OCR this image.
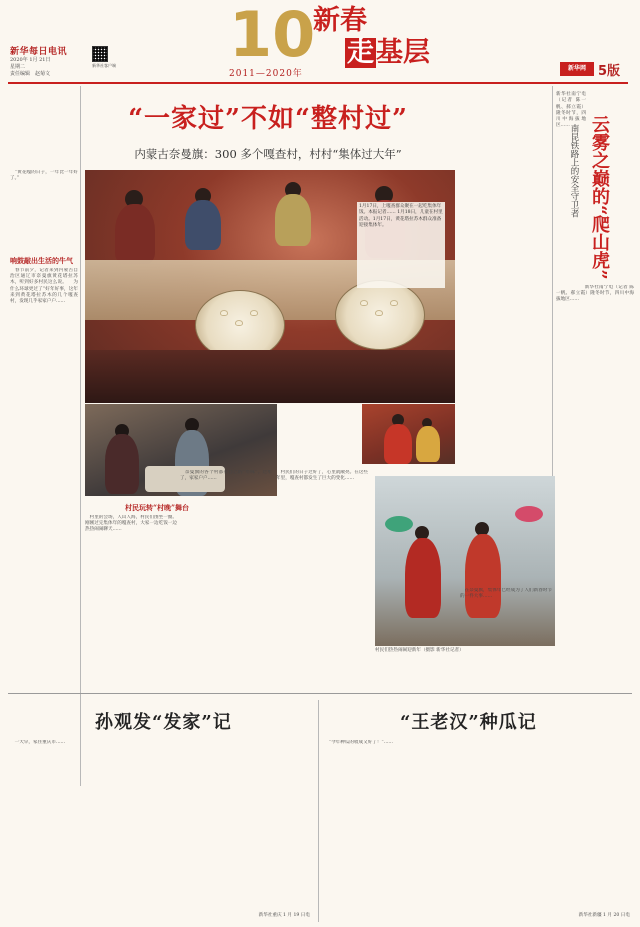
新华每日电讯
2020年 1月 21日
星期二
责任编辑　赵菊文
新华社客户端 10
2011—2020年
新春
走基层
新华网 5版
“一家过”不如“整村过”
内蒙古奈曼旗：300 多个嘎查村，村村“集体过大年”	云雾之巅的“爬山虎”
南昆铁路上的安全守卫者
　　　　　　新华社南宁电（记者 陈一帆、郝立霞）隆冬时节，四川中海拔地区……
　　　　　　新华社南宁电（记者 陈一帆、郝立霞）隆冬时节，四川中海拔地区……
1月17日，上嘎查群众聚在一起吃集体年饭。本报记者…… 1月18日，儿童在村里活动。1月17日，黄花塔拉苏木群众准备迎接集体年。
　“黄花嘎的日子，一年比一年好了。”
响鼓敲出生活的牛气
　春节前夕，记者来到内蒙古自治区通辽市奈曼旗黄花塔拉苏木，听到好多村民这么说。 　为什么环球更过了“好年好事，这年来到黄花塔拉苏木的几个嘎查村，发现几乎家家户户……
村民玩转“村晚”舞台
　村里的会场，人山人海，村民们围坐一圈。刚刚过完集体年的嘎查村，大家一边吃饭一边热热闹闹聊天……
　奈曼旗的各个村都有自己的“年味”。过年了，家家户户……
　村民们的日子过好了，心里就敞亮。在这些年里，嘎查村都发生了巨大的变化……
村民们热热闹闹迎新年（摄影 新华社记者）
　在奈曼旗，集体年已经成为了人们新春时节的一件大事……
孙观发“发家”记	“王老汉”种瓜记
　一大早，家住重庆市……	　“今年种瓜的收成又好了！”……
新华社重庆 1 月 19 日电	新华社新疆 1 月 20 日电
